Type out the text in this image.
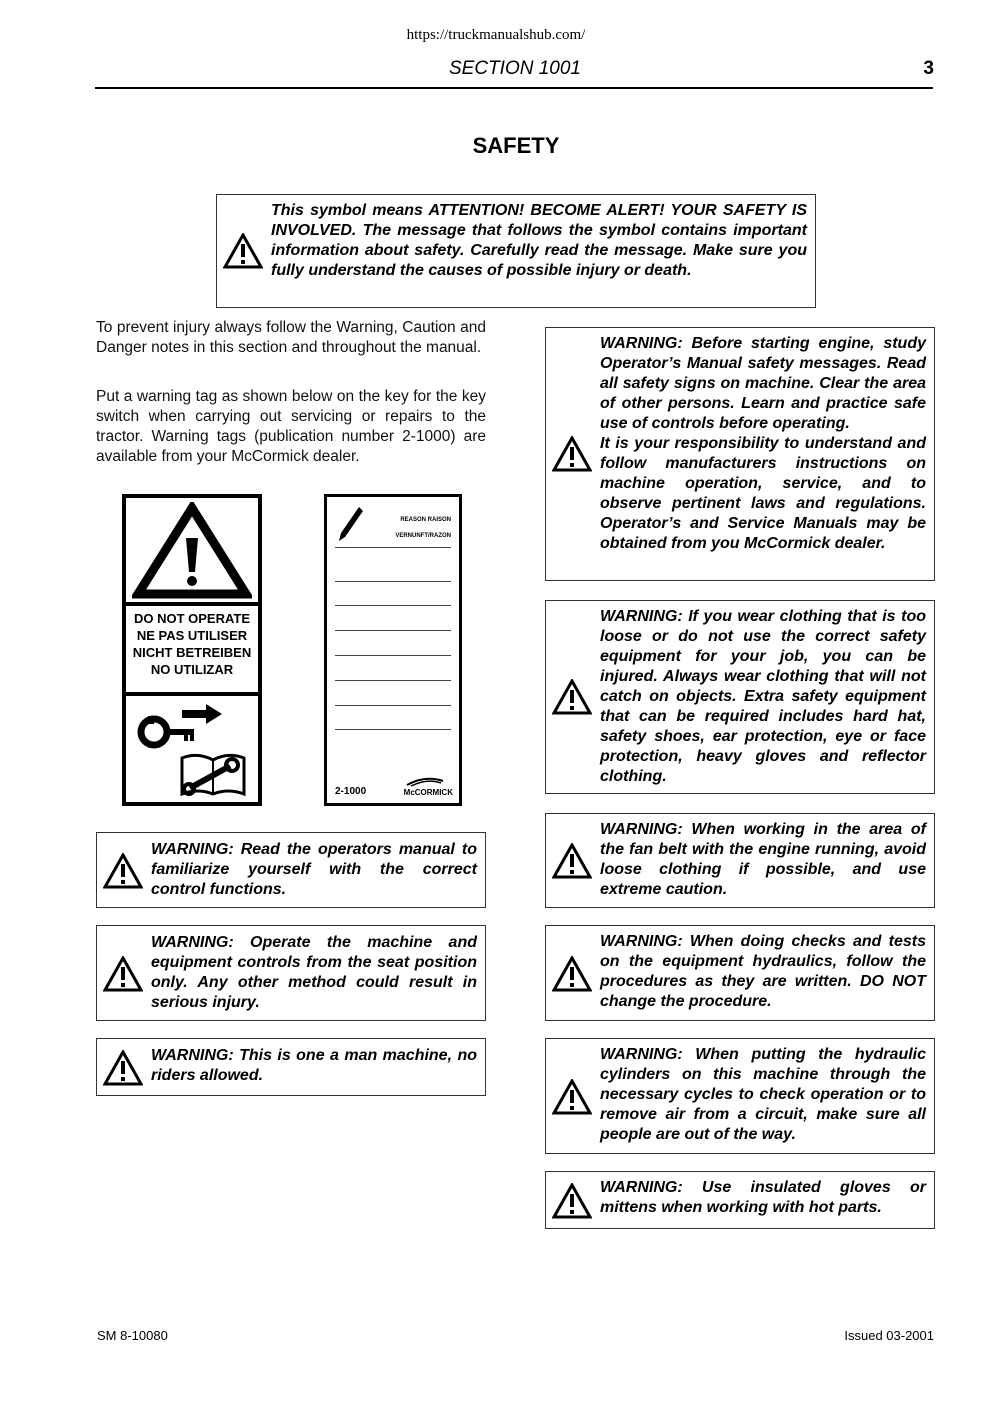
https://truckmanualshub.com/
SECTION 1001	3
SAFETY
This symbol means ATTENTION! BECOME ALERT! YOUR SAFETY IS INVOLVED. The message that follows the symbol contains important information about safety. Carefully read the message. Make sure you fully understand the causes of possible injury or death.
To prevent injury always follow the Warning, Caution and Danger notes in this section and throughout the manual.
Put a warning tag as shown below on the key for the key switch when carrying out servicing or repairs to the tractor. Warning tags (publication number 2-1000) are available from your McCormick dealer.
DO NOT OPERATE
NE PAS UTILISER
NICHT BETREIBEN
NO UTILIZAR
REASON RAISON
VERNUNFT/RAZON
2-1000	McCORMICK
WARNING: Read the operators manual to familiarize yourself with the correct control functions.
WARNING: Operate the machine and equipment controls from the seat position only. Any other method could result in serious injury.
WARNING: This is one a man machine, no riders allowed.
WARNING: Before starting engine, study Operator’s Manual safety messages. Read all safety signs on machine. Clear the area of other persons. Learn and practice safe use of controls before operating.
It is your responsibility to understand and follow manufacturers instructions on machine operation, service, and to observe pertinent laws and regulations. Operator’s and Service Manuals may be obtained from you McCormick dealer.
WARNING: If you wear clothing that is too loose or do not use the correct safety equipment for your job, you can be injured. Always wear clothing that will not catch on objects. Extra safety equipment that can be required includes hard hat, safety shoes, ear protection, eye or face protection, heavy gloves and reflector clothing.
WARNING: When working in the area of the fan belt with the engine running, avoid loose clothing if possible, and use extreme caution.
WARNING: When doing checks and tests on the equipment hydraulics, follow the procedures as they are written. DO NOT change the procedure.
WARNING: When putting the hydraulic cylinders on this machine through the necessary cycles to check operation or to remove air from a circuit, make sure all people are out of the way.
WARNING: Use insulated gloves or mittens when working with hot parts.
SM 8-10080	Issued 03-2001
